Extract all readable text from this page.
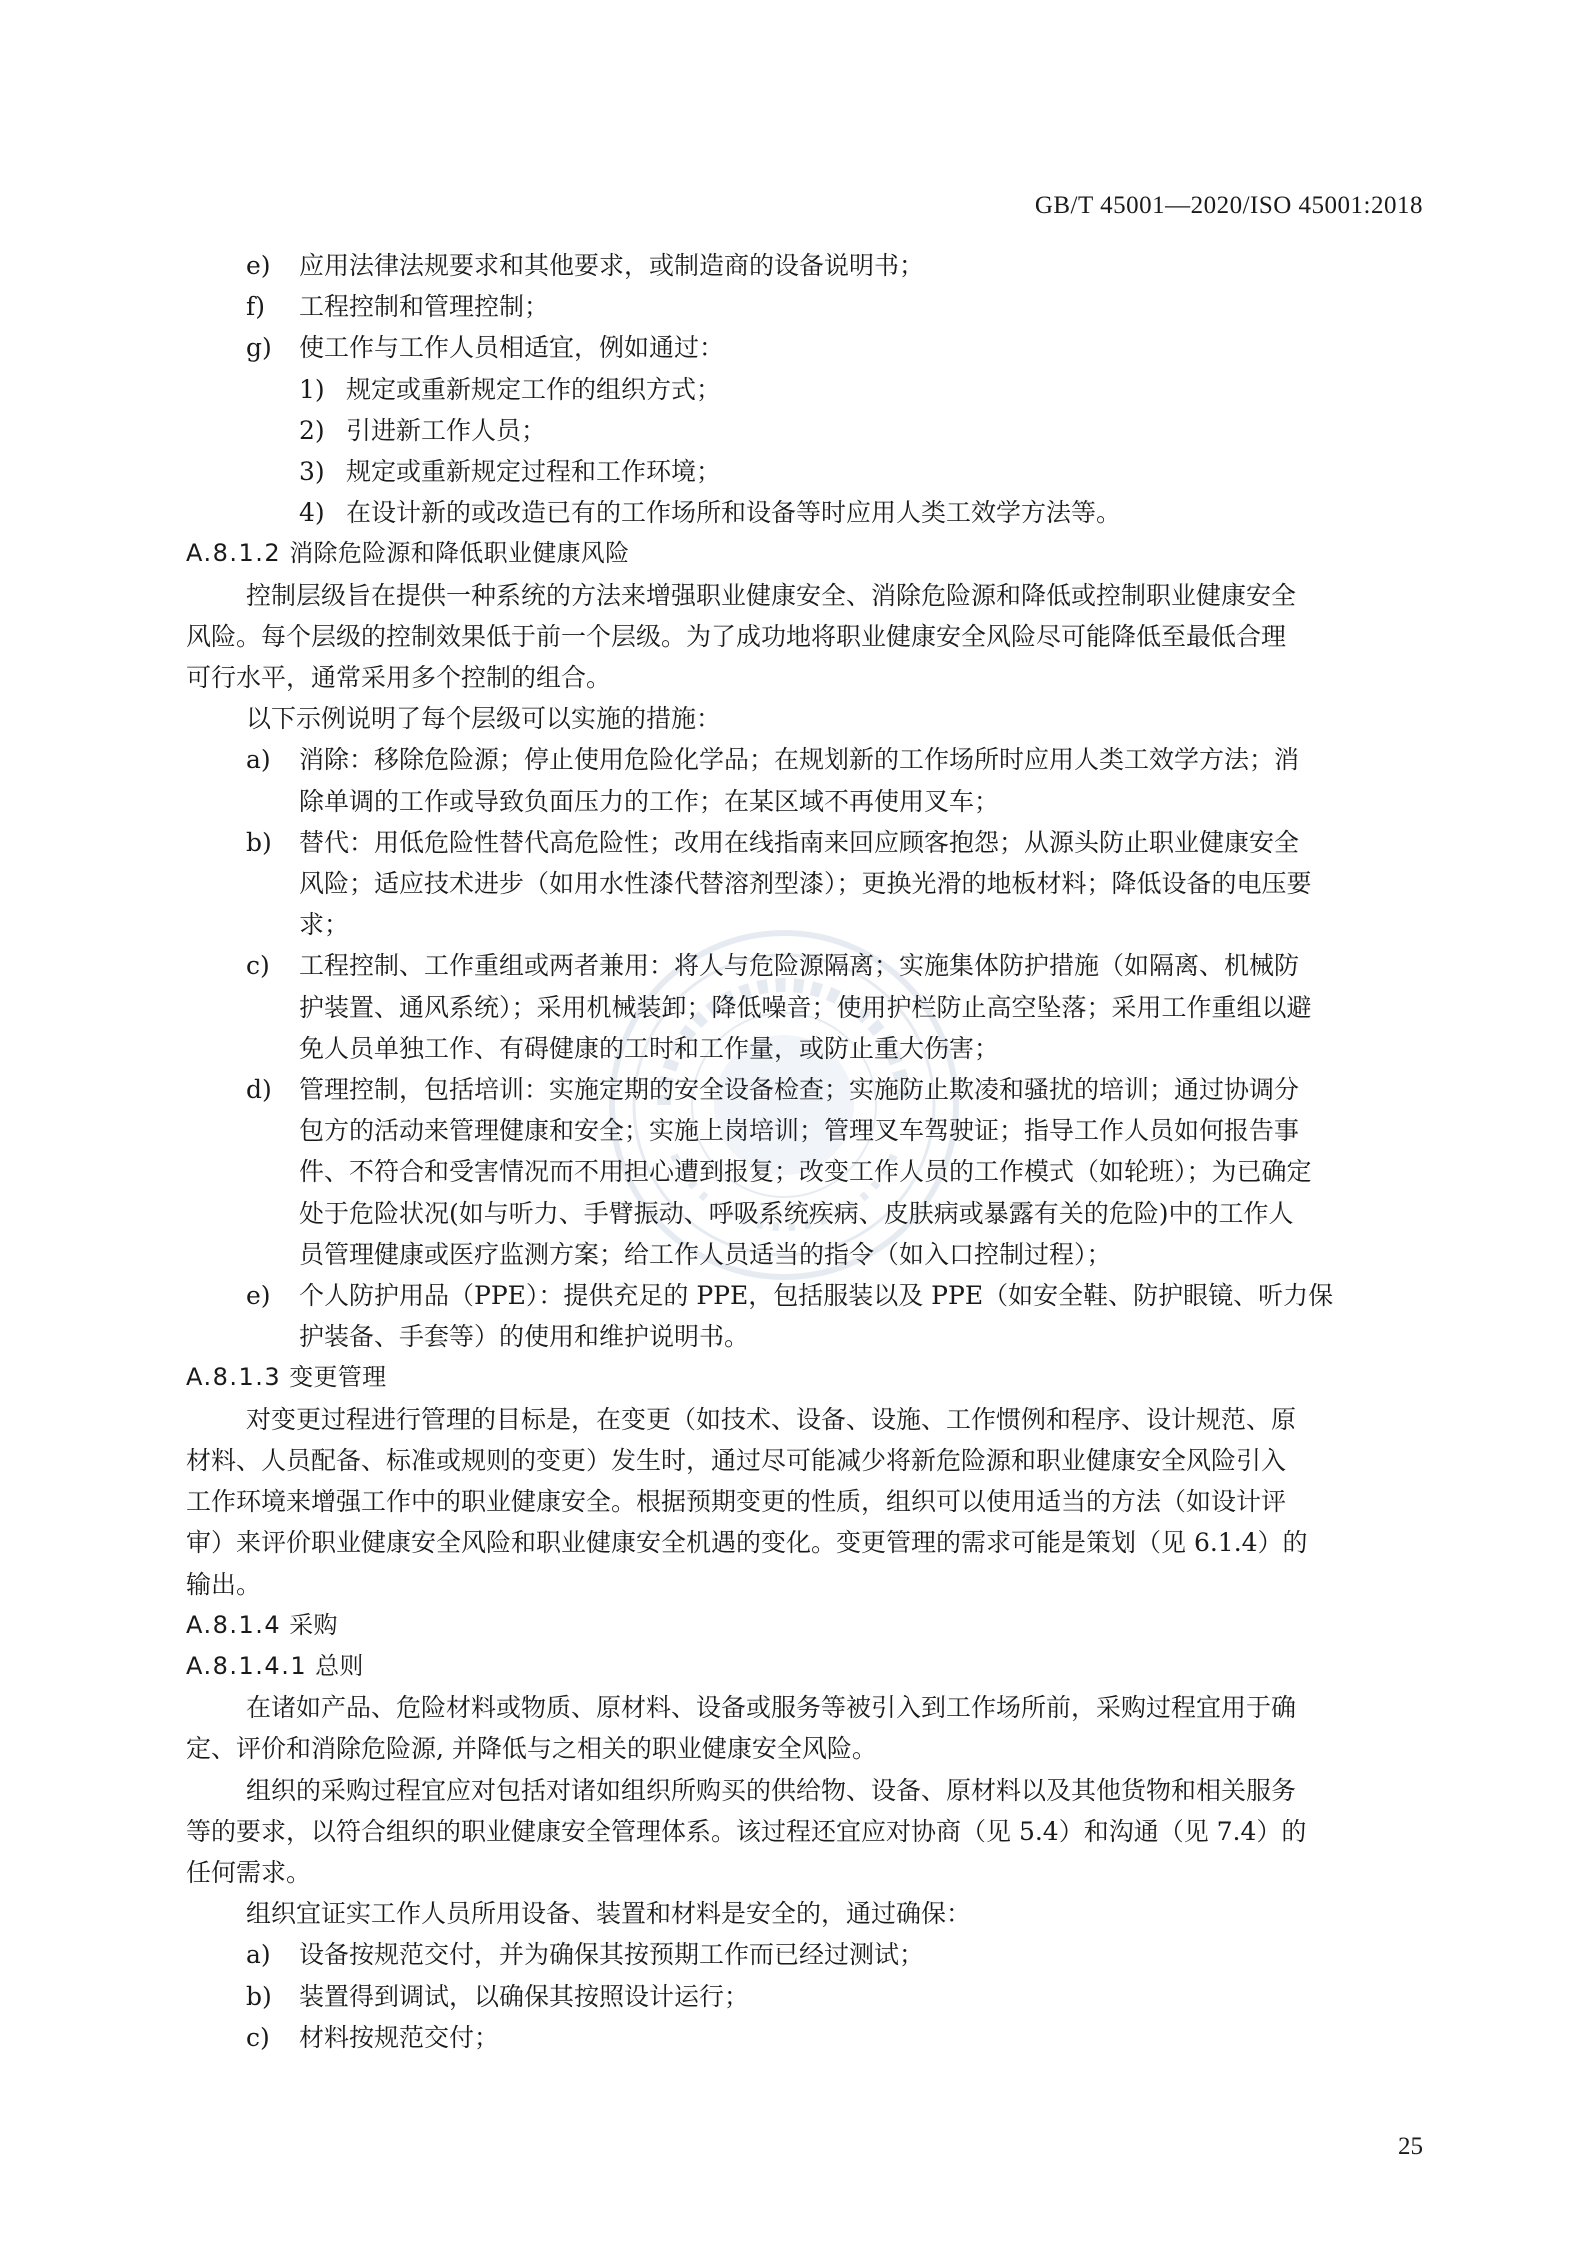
GB/T 45001—2020/ISO 45001:2018
e) 应用法律法规要求和其他要求，或制造商的设备说明书；
f) 工程控制和管理控制；
g) 使工作与工作人员相适宜，例如通过：
1) 规定或重新规定工作的组织方式；
2) 引进新工作人员；
3) 规定或重新规定过程和工作环境；
4) 在设计新的或改造已有的工作场所和设备等时应用人类工效学方法等。
A.8.1.2 消除危险源和降低职业健康风险
控制层级旨在提供一种系统的方法来增强职业健康安全、消除危险源和降低或控制职业健康安全
风险。每个层级的控制效果低于前一个层级。为了成功地将职业健康安全风险尽可能降低至最低合理
可行水平，通常采用多个控制的组合。
以下示例说明了每个层级可以实施的措施：
a) 消除：移除危险源；停止使用危险化学品；在规划新的工作场所时应用人类工效学方法；消
除单调的工作或导致负面压力的工作；在某区域不再使用叉车；
b) 替代：用低危险性替代高危险性；改用在线指南来回应顾客抱怨；从源头防止职业健康安全
风险；适应技术进步（如用水性漆代替溶剂型漆）；更换光滑的地板材料；降低设备的电压要
求；
c) 工程控制、工作重组或两者兼用：将人与危险源隔离；实施集体防护措施（如隔离、机械防
护装置、通风系统）；采用机械装卸；降低噪音；使用护栏防止高空坠落；采用工作重组以避
免人员单独工作、有碍健康的工时和工作量，或防止重大伤害；
d) 管理控制，包括培训：实施定期的安全设备检查；实施防止欺凌和骚扰的培训；通过协调分
包方的活动来管理健康和安全；实施上岗培训；管理叉车驾驶证；指导工作人员如何报告事
件、不符合和受害情况而不用担心遭到报复；改变工作人员的工作模式（如轮班）；为已确定
处于危险状况(如与听力、手臂振动、呼吸系统疾病、皮肤病或暴露有关的危险)中的工作人
员管理健康或医疗监测方案；给工作人员适当的指令（如入口控制过程）；
e) 个人防护用品（PPE）：提供充足的 PPE，包括服装以及 PPE（如安全鞋、防护眼镜、听力保
护装备、手套等）的使用和维护说明书。
A.8.1.3 变更管理
对变更过程进行管理的目标是，在变更（如技术、设备、设施、工作惯例和程序、设计规范、原
材料、人员配备、标准或规则的变更）发生时，通过尽可能减少将新危险源和职业健康安全风险引入
工作环境来增强工作中的职业健康安全。根据预期变更的性质，组织可以使用适当的方法（如设计评
审）来评价职业健康安全风险和职业健康安全机遇的变化。变更管理的需求可能是策划（见 6.1.4）的
输出。
A.8.1.4 采购
A.8.1.4.1 总则
在诸如产品、危险材料或物质、原材料、设备或服务等被引入到工作场所前，采购过程宜用于确
定、评价和消除危险源, 并降低与之相关的职业健康安全风险。
组织的采购过程宜应对包括对诸如组织所购买的供给物、设备、原材料以及其他货物和相关服务
等的要求，以符合组织的职业健康安全管理体系。该过程还宜应对协商（见 5.4）和沟通（见 7.4）的
任何需求。
组织宜证实工作人员所用设备、装置和材料是安全的，通过确保：
a) 设备按规范交付，并为确保其按预期工作而已经过测试；
b) 装置得到调试，以确保其按照设计运行；
c) 材料按规范交付；
25
